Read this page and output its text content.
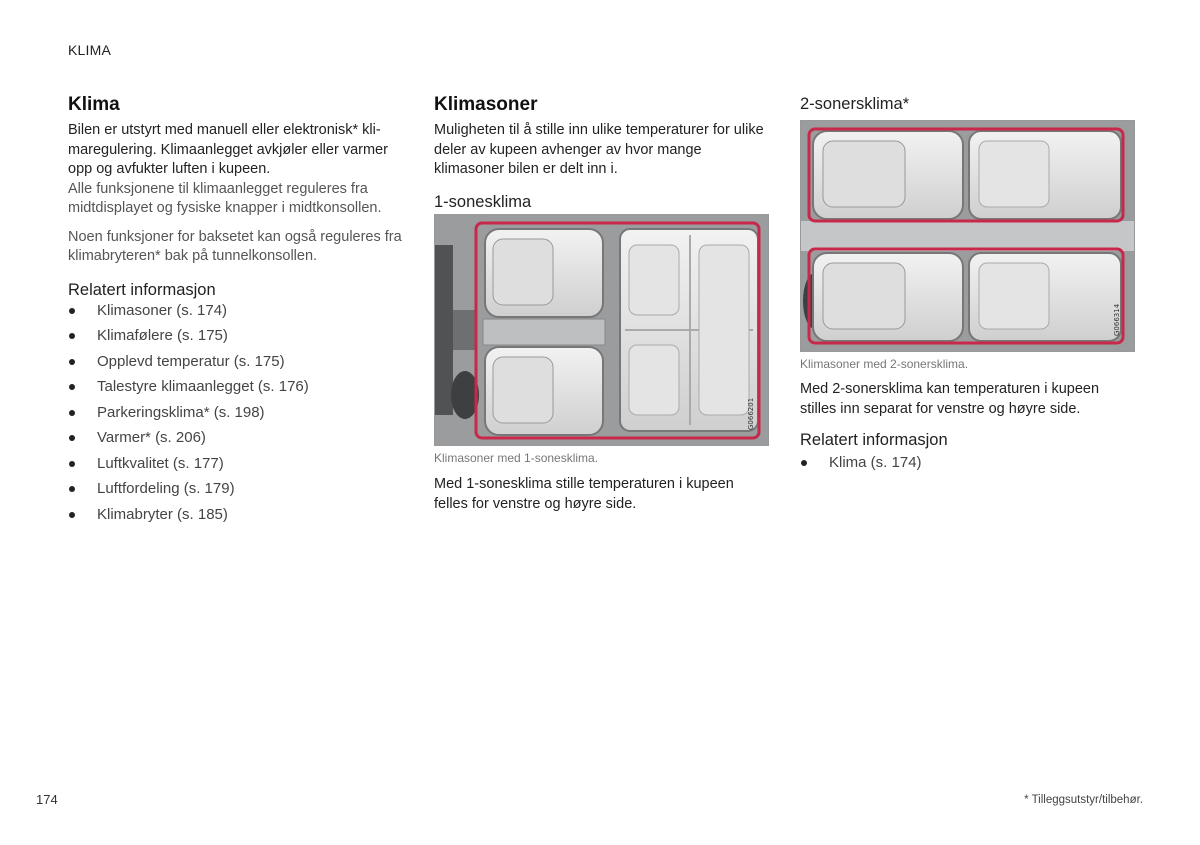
KLIMA
Klima

Bilen er utstyrt med manuell eller elektronisk* kli-maregulering. Klimaanlegget avkjøler eller varmer opp og avfukter luften i kupeen.

Alle funksjonene til klimaanlegget reguleres fra midtdisplayet og fysiske knapper i midtkonsollen.

Noen funksjoner for baksetet kan også reguleres fra klimabryteren* bak på tunnelkonsollen.

Relatert informasjon
Klimasoner (s. 174)
Klimafølere (s. 175)
Opplevd temperatur (s. 175)
Talestyre klimaanlegget (s. 176)
Parkeringsklima* (s. 198)
Varmer* (s. 206)
Luftkvalitet (s. 177)
Luftfordeling (s. 179)
Klimabryter (s. 185)
Klimasoner

Muligheten til å stille inn ulike temperaturer for ulike deler av kupeen avhenger av hvor mange klimasoner bilen er delt inn i.

1-sonesklima
G066201
Klimasoner med 1-sonesklima.

Med 1-sonesklima stille temperaturen i kupeen felles for venstre og høyre side.

2-sonersklima*
G066314
Klimasoner med 2-sonersklima.

Med 2-sonersklima kan temperaturen i kupeen stilles inn separat for venstre og høyre side.

Relatert informasjon
Klima (s. 174)
174	* Tilleggsutstyr/tilbehør.
